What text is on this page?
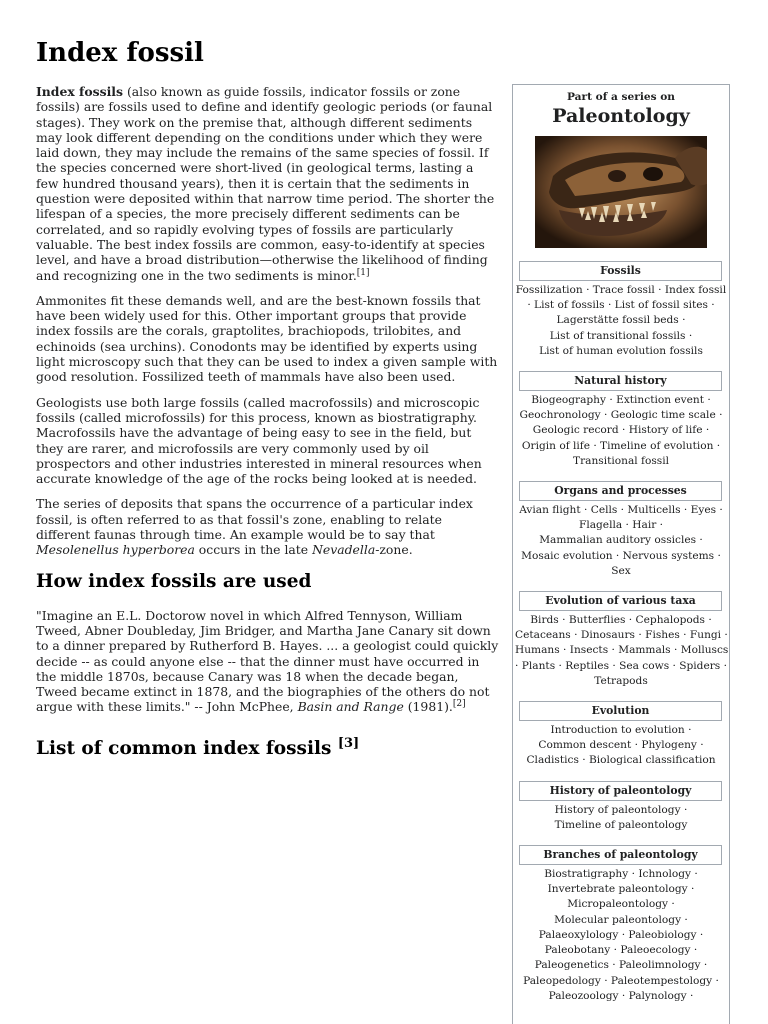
Index fossil

Index fossils (also known as guide fossils, indicator fossils or zone fossils) are fossils used to define and identify geologic periods (or faunal stages). They work on the premise that, although different sediments may look different depending on the conditions under which they were laid down, they may include the remains of the same species of fossil. If the species concerned were short-lived (in geological terms, lasting a few hundred thousand years), then it is certain that the sediments in question were deposited within that narrow time period. The shorter the lifespan of a species, the more precisely different sediments can be correlated, and so rapidly evolving types of fossils are particularly valuable. The best index fossils are common, easy-to-identify at species level, and have a broad distribution—otherwise the likelihood of finding and recognizing one in the two sediments is minor.[1]

Ammonites fit these demands well, and are the best-known fossils that have been widely used for this. Other important groups that provide index fossils are the corals, graptolites, brachiopods, trilobites, and echinoids (sea urchins). Conodonts may be identified by experts using light microscopy such that they can be used to index a given sample with good resolution. Fossilized teeth of mammals have also been used.

Geologists use both large fossils (called macrofossils) and microscopic fossils (called microfossils) for this process, known as biostratigraphy. Macrofossils have the advantage of being easy to see in the field, but they are rarer, and microfossils are very commonly used by oil prospectors and other industries interested in mineral resources when accurate knowledge of the age of the rocks being looked at is needed.

The series of deposits that spans the occurrence of a particular index fossil, is often referred to as that fossil's zone, enabling to relate different faunas through time. An example would be to say that Mesolenellus hyperborea occurs in the late Nevadella-zone.

How index fossils are used

"Imagine an E.L. Doctorow novel in which Alfred Tennyson, William Tweed, Abner Doubleday, Jim Bridger, and Martha Jane Canary sit down to a dinner prepared by Rutherford B. Hayes. ... a geologist could quickly decide -- as could anyone else -- that the dinner must have occurred in the middle 1870s, because Canary was 18 when the decade began, Tweed became extinct in 1878, and the biographies of the others do not argue with these limits." -- John McPhee, Basin and Range (1981).[2]

List of common index fossils [3]
Part of a series on
Paleontology
Fossils
Fossilization · Trace fossil · Index fossil
· List of fossils · List of fossil sites ·
Lagerstätte fossil beds ·
List of transitional fossils ·
List of human evolution fossils
Natural history
Biogeography · Extinction event ·
Geochronology · Geologic time scale ·
Geologic record · History of life ·
Origin of life · Timeline of evolution ·
Transitional fossil
Organs and processes
Avian flight · Cells · Multicells · Eyes ·
Flagella · Hair ·
Mammalian auditory ossicles ·
Mosaic evolution · Nervous systems ·
Sex
Evolution of various taxa
Birds · Butterflies · Cephalopods ·
Cetaceans · Dinosaurs · Fishes · Fungi ·
Humans · Insects · Mammals · Molluscs
· Plants · Reptiles · Sea cows · Spiders ·
Tetrapods
Evolution
Introduction to evolution ·
Common descent · Phylogeny ·
Cladistics · Biological classification
History of paleontology
History of paleontology ·
Timeline of paleontology
Branches of paleontology
Biostratigraphy · Ichnology ·
Invertebrate paleontology ·
Micropaleontology ·
Molecular paleontology ·
Palaeoxylology · Paleobiology ·
Paleobotany · Paleoecology ·
Paleogenetics · Paleolimnology ·
Paleopedology · Paleotempestology ·
Paleozoology · Palynology ·
